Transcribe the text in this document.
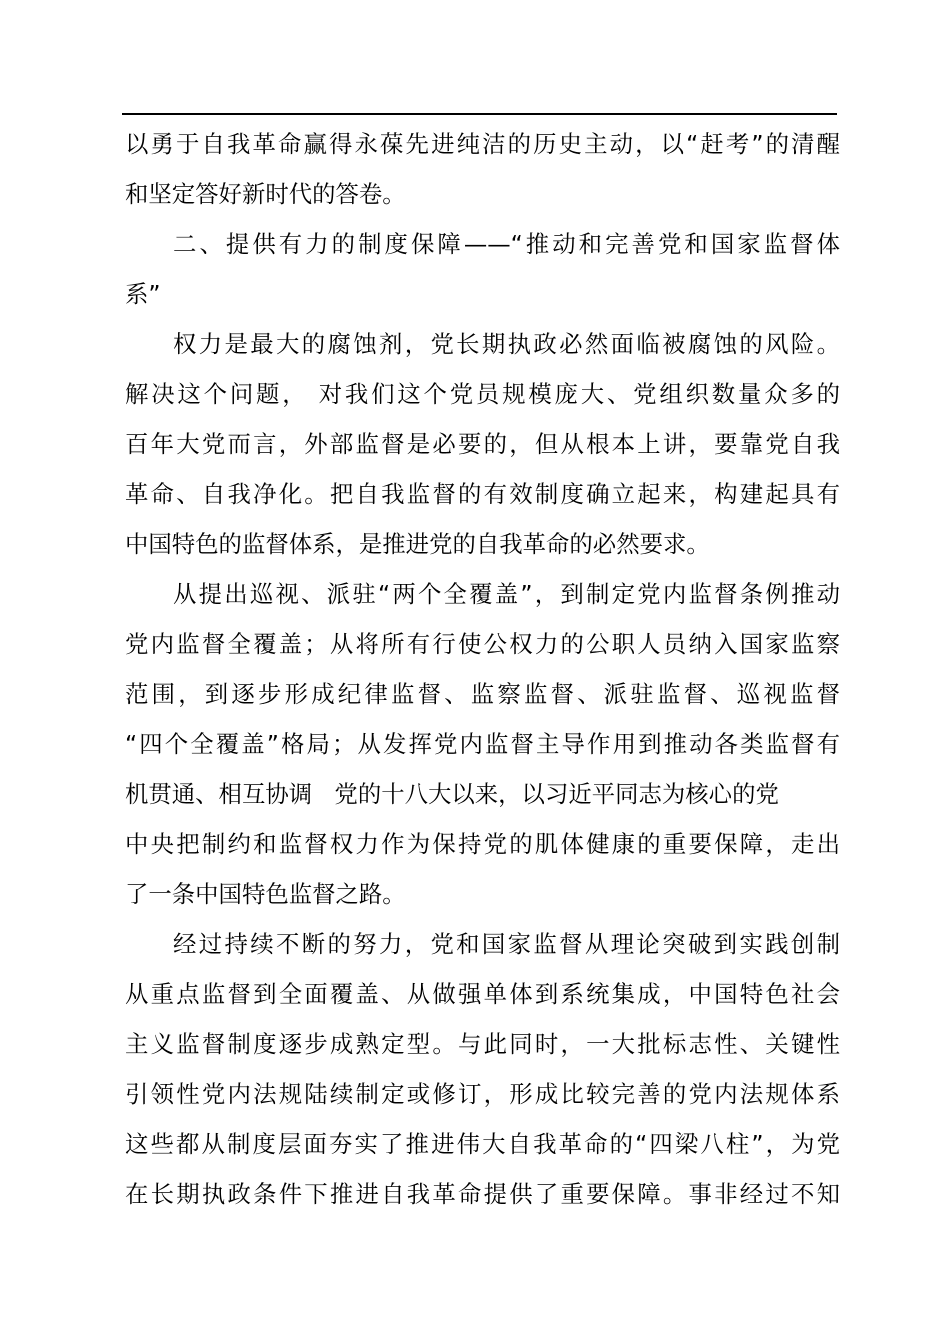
以勇于自我革命赢得永葆先进纯洁的历史主动，以“赶考”的清醒
和坚定答好新时代的答卷。
二、提供有力的制度保障——“推动和完善党和国家监督体
系”
权力是最大的腐蚀剂，党长期执政必然面临被腐蚀的风险。
解决这个问题， 对我们这个党员规模庞大、党组织数量众多的
百年大党而言，外部监督是必要的，但从根本上讲，要靠党自我
革命、自我净化。把自我监督的有效制度确立起来，构建起具有
中国特色的监督体系，是推进党的自我革命的必然要求。
从提出巡视、派驻“两个全覆盖”，到制定党内监督条例推动
党内监督全覆盖；从将所有行使公权力的公职人员纳入国家监察
范围，到逐步形成纪律监督、监察监督、派驻监督、巡视监督
“四个全覆盖”格局；从发挥党内监督主导作用到推动各类监督有
机贯通、相互协调   党的十八大以来，以习近平同志为核心的党
中央把制约和监督权力作为保持党的肌体健康的重要保障，走出
了一条中国特色监督之路。
经过持续不断的努力，党和国家监督从理论突破到实践创制
从重点监督到全面覆盖、从做强单体到系统集成，中国特色社会
主义监督制度逐步成熟定型。与此同时，一大批标志性、关键性
引领性党内法规陆续制定或修订，形成比较完善的党内法规体系
这些都从制度层面夯实了推进伟大自我革命的“四梁八柱”，为党
在长期执政条件下推进自我革命提供了重要保障。事非经过不知
